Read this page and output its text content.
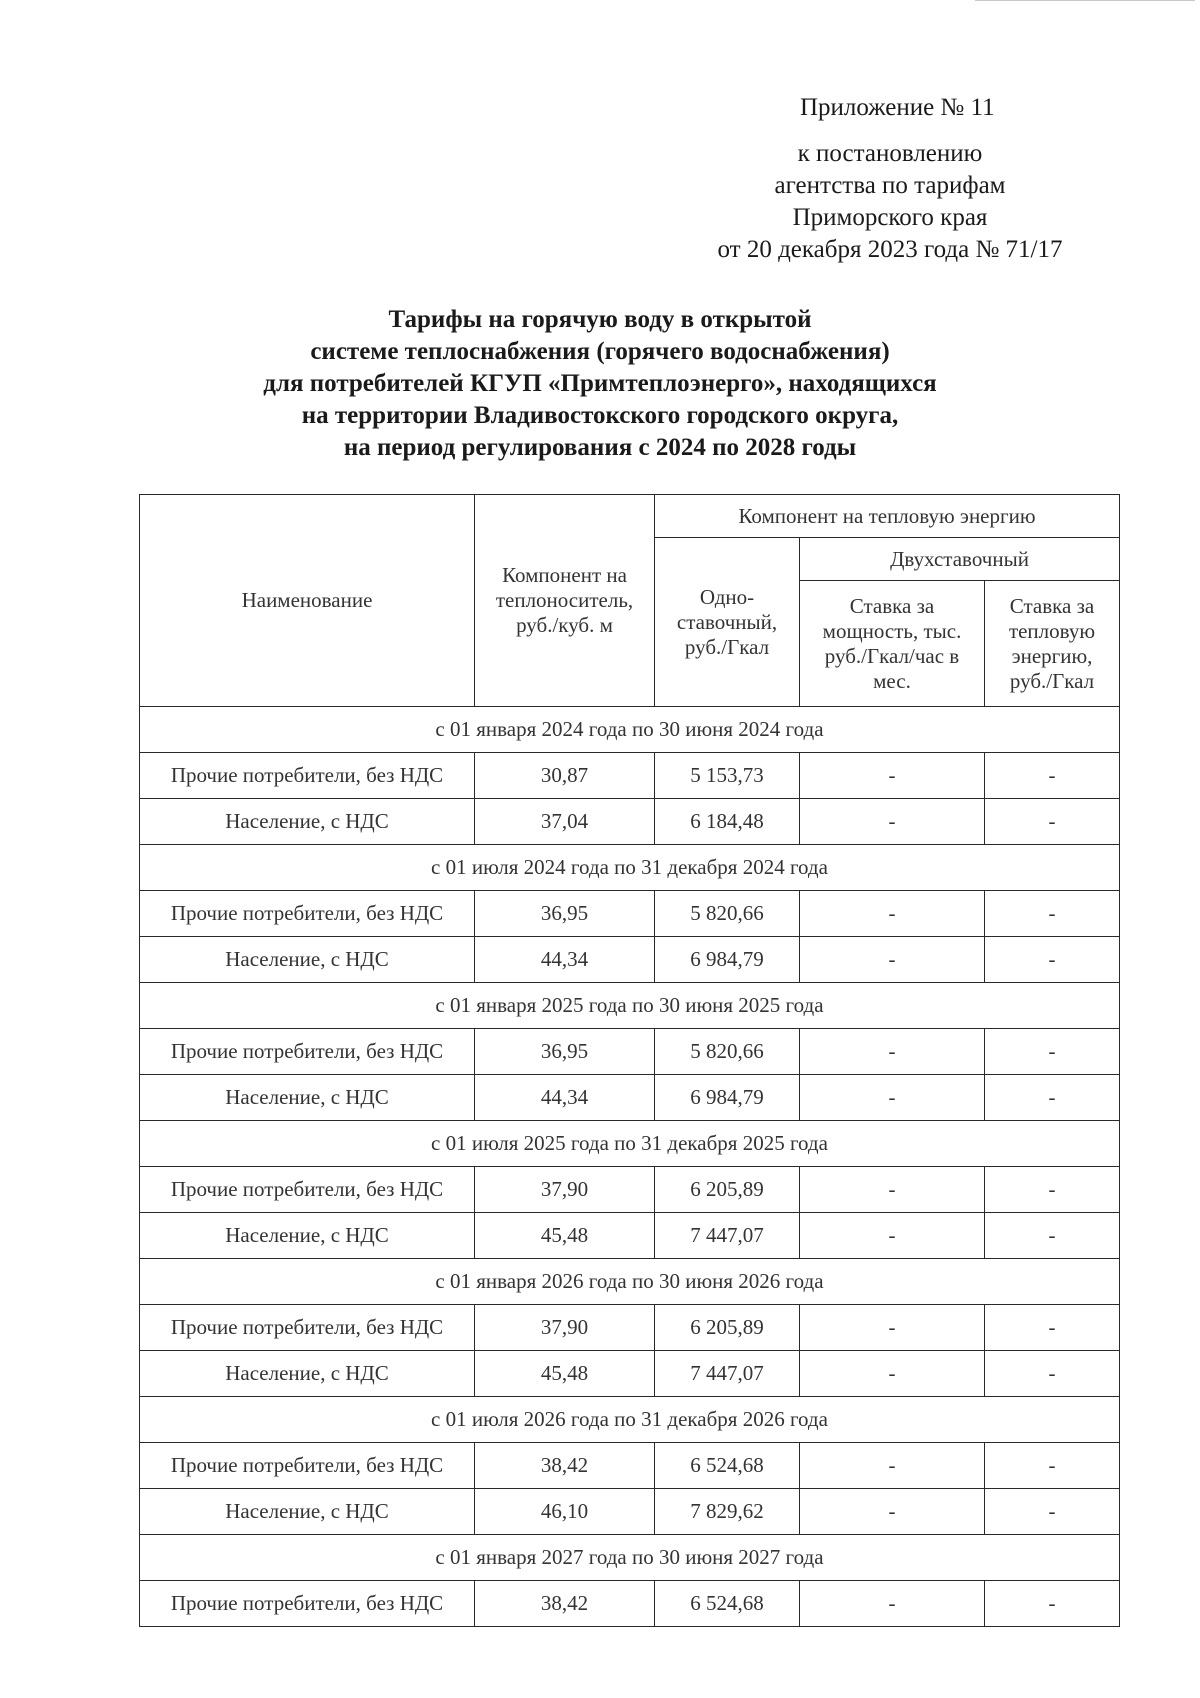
Приложение № 11
к постановлению
агентства по тарифам
Приморского края
от 20 декабря 2023 года № 71/17
Тарифы на горячую воду в открытой
системе теплоснабжения (горячего водоснабжения)
для потребителей КГУП «Примтеплоэнерго», находящихся
на территории Владивостокского городского округа,
на период регулирования с 2024 по 2028 годы
Наименование	Компонент на теплоноситель, руб./куб. м	Компонент на тепловую энергию		
		Одно-ставочный, руб./Гкал	Двухставочный	
			Ставка за мощность, тыс. руб./Гкал/час в мес.	Ставка за тепловую энергию, руб./Гкал
с 01 января 2024 года по 30 июня 2024 года				
Прочие потребители, без НДС	30,87	5 153,73	-	-
Население, с НДС	37,04	6 184,48	-	-
с 01 июля 2024 года по 31 декабря 2024 года				
Прочие потребители, без НДС	36,95	5 820,66	-	-
Население, с НДС	44,34	6 984,79	-	-
с 01 января 2025 года по 30 июня 2025 года				
Прочие потребители, без НДС	36,95	5 820,66	-	-
Население, с НДС	44,34	6 984,79	-	-
с 01 июля 2025 года по 31 декабря 2025 года				
Прочие потребители, без НДС	37,90	6 205,89	-	-
Население, с НДС	45,48	7 447,07	-	-
с 01 января 2026 года по 30 июня 2026 года				
Прочие потребители, без НДС	37,90	6 205,89	-	-
Население, с НДС	45,48	7 447,07	-	-
с 01 июля 2026 года по 31 декабря 2026 года				
Прочие потребители, без НДС	38,42	6 524,68	-	-
Население, с НДС	46,10	7 829,62	-	-
с 01 января 2027 года по 30 июня 2027 года				
Прочие потребители, без НДС	38,42	6 524,68	-	-
